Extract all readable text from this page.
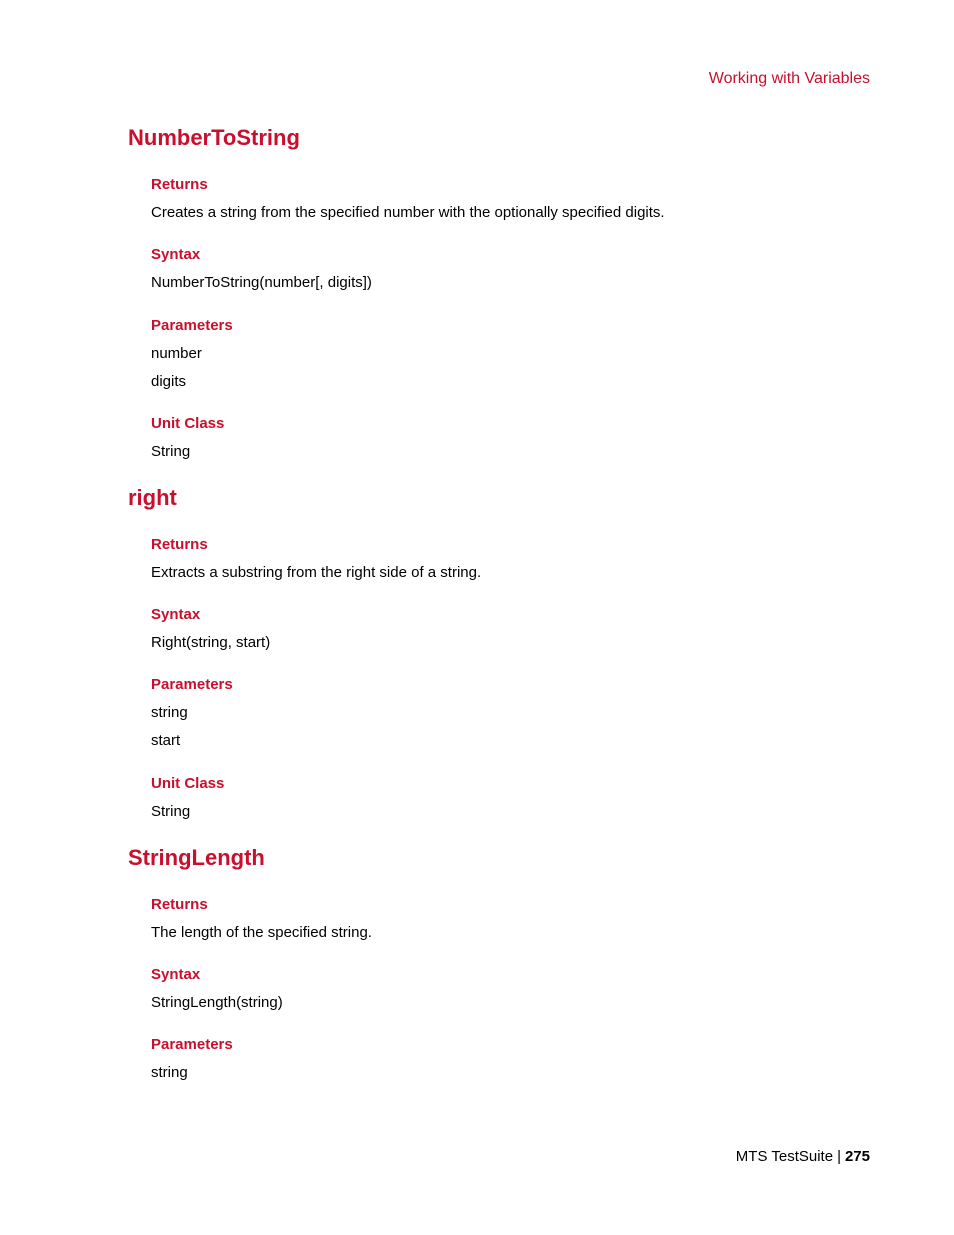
Working with Variables
NumberToString
Returns
Creates a string from the specified number with the optionally specified digits.
Syntax
NumberToString(number[, digits])
Parameters
number
digits
Unit Class
String
right
Returns
Extracts a substring from the right side of a string.
Syntax
Right(string, start)
Parameters
string
start
Unit Class
String
StringLength
Returns
The length of the specified string.
Syntax
StringLength(string)
Parameters
string
MTS TestSuite | 275
